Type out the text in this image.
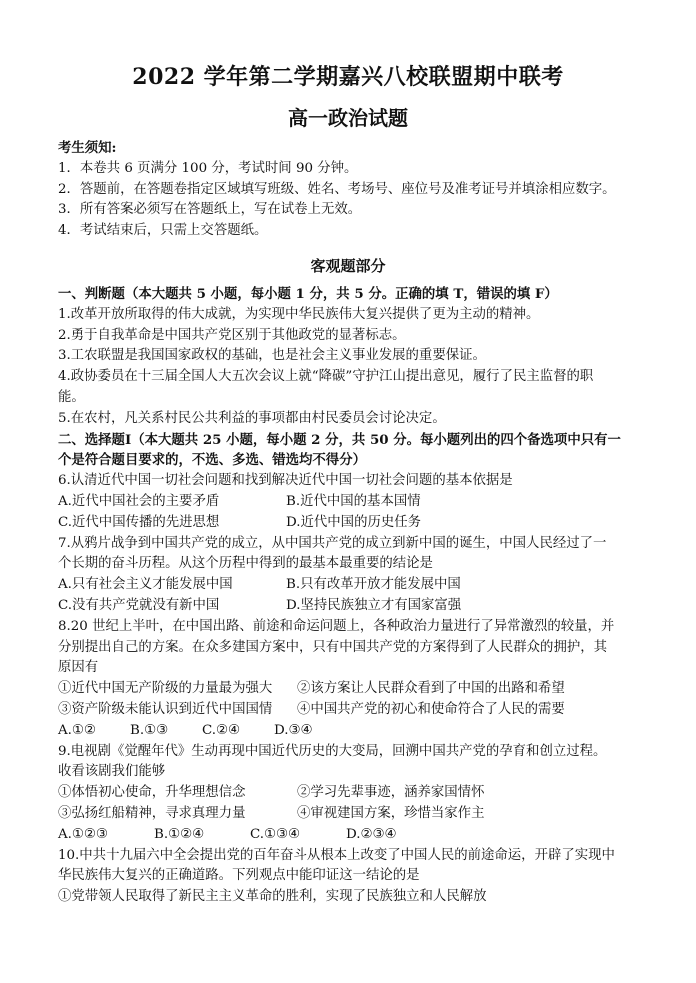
2022 学年第二学期嘉兴八校联盟期中联考
高一政治试题
考生须知:
1．本卷共 6 页满分 100 分，考试时间 90 分钟。
2．答题前，在答题卷指定区域填写班级、姓名、考场号、座位号及准考证号并填涂相应数字。
3．所有答案必须写在答题纸上，写在试卷上无效。
4．考试结束后，只需上交答题纸。
客观题部分
一、判断题（本大题共 5 小题，每小题 1 分，共 5 分。正确的填 T，错误的填 F）
1.改革开放所取得的伟大成就，为实现中华民族伟大复兴提供了更为主动的精神。
2.勇于自我革命是中国共产党区别于其他政党的显著标志。
3.工农联盟是我国国家政权的基础，也是社会主义事业发展的重要保证。
4.政协委员在十三届全国人大五次会议上就“降碳”守护江山提出意见，履行了民主监督的职
能。
5.在农村，凡关系村民公共利益的事项都由村民委员会讨论决定。
二、选择题Ⅰ（本大题共 25 小题，每小题 2 分，共 50 分。每小题列出的四个备选项中只有一
个是符合题目要求的，不选、多选、错选均不得分）
6.认清近代中国一切社会问题和找到解决近代中国一切社会问题的基本依据是
A.近代中国社会的主要矛盾	B.近代中国的基本国情
C.近代中国传播的先进思想	D.近代中国的历史任务
7.从鸦片战争到中国共产党的成立，从中国共产党的成立到新中国的诞生，中国人民经过了一
个长期的奋斗历程。从这个历程中得到的最基本最重要的结论是
A.只有社会主义才能发展中国	B.只有改革开放才能发展中国
C.没有共产党就没有新中国	D.坚持民族独立才有国家富强
8.20 世纪上半叶，在中国出路、前途和命运问题上，各种政治力量进行了异常激烈的较量，并
分别提出自己的方案。在众多建国方案中，只有中国共产党的方案得到了人民群众的拥护，其
原因有
①近代中国无产阶级的力量最为强大	②该方案让人民群众看到了中国的出路和希望
③资产阶级未能认识到近代中国国情	④中国共产党的初心和使命符合了人民的需要
A.①②	B.①③	C.②④	D.③④
9.电视剧《觉醒年代》生动再现中国近代历史的大变局，回溯中国共产党的孕育和创立过程。
收看该剧我们能够
①体悟初心使命，升华理想信念	②学习先辈事迹，涵养家国情怀
③弘扬红船精神，寻求真理力量	④审视建国方案，珍惜当家作主
A.①②③	B.①②④	C.①③④	D.②③④
10.中共十九届六中全会提出党的百年奋斗从根本上改变了中国人民的前途命运，开辟了实现中
华民族伟大复兴的正确道路。下列观点中能印证这一结论的是
①党带领人民取得了新民主主义革命的胜利，实现了民族独立和人民解放
